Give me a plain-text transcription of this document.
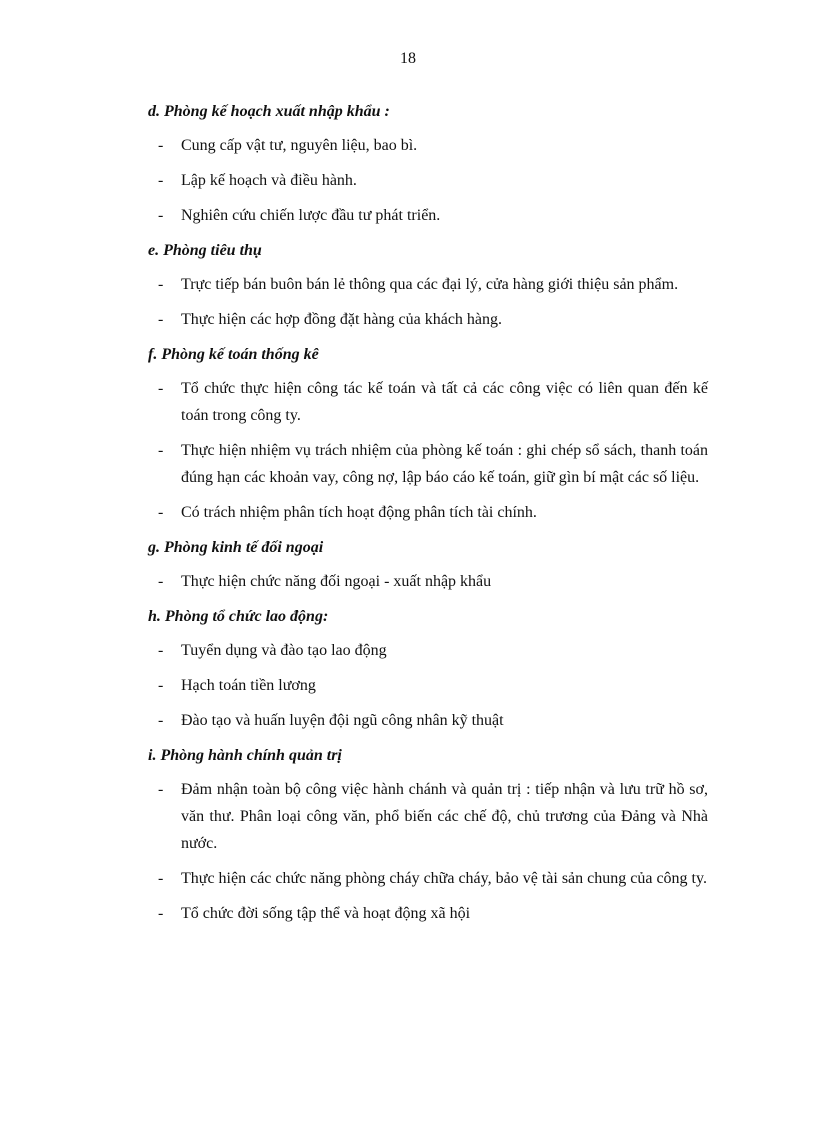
18
d. Phòng kế hoạch xuất nhập khẩu :
- Cung cấp vật tư, nguyên liệu, bao bì.
- Lập kế hoạch và điều hành.
- Nghiên cứu chiến lược đầu tư phát triển.
e. Phòng tiêu thụ
- Trực tiếp bán buôn bán lẻ thông qua các đại lý, cửa hàng giới thiệu sản phẩm.
- Thực hiện các hợp đồng đặt hàng của khách hàng.
f. Phòng kế toán thống kê
- Tổ chức thực hiện công tác kế toán và tất cả các công việc có liên quan đến kế toán trong công ty.
- Thực hiện nhiệm vụ trách nhiệm của phòng kế toán : ghi chép sổ sách, thanh toán đúng hạn các khoản vay, công nợ, lập báo cáo kế toán, giữ gìn bí mật các số liệu.
- Có trách nhiệm phân tích hoạt động phân tích tài chính.
g. Phòng kinh tế đối ngoại
- Thực hiện chức năng đối ngoại - xuất nhập khẩu
h. Phòng tổ chức lao động:
- Tuyển dụng và đào tạo lao động
- Hạch toán tiền lương
- Đào tạo và huấn luyện đội ngũ công nhân kỹ thuật
i. Phòng hành chính quản trị
- Đảm nhận toàn bộ công việc hành chánh và quản trị : tiếp nhận và lưu trữ hồ sơ, văn thư. Phân loại công văn, phổ biến các chế độ, chủ trương của Đảng và Nhà nước.
- Thực hiện các chức năng phòng cháy chữa cháy, bảo vệ tài sản chung của công ty.
- Tổ chức đời sống tập thể và hoạt động xã hội
